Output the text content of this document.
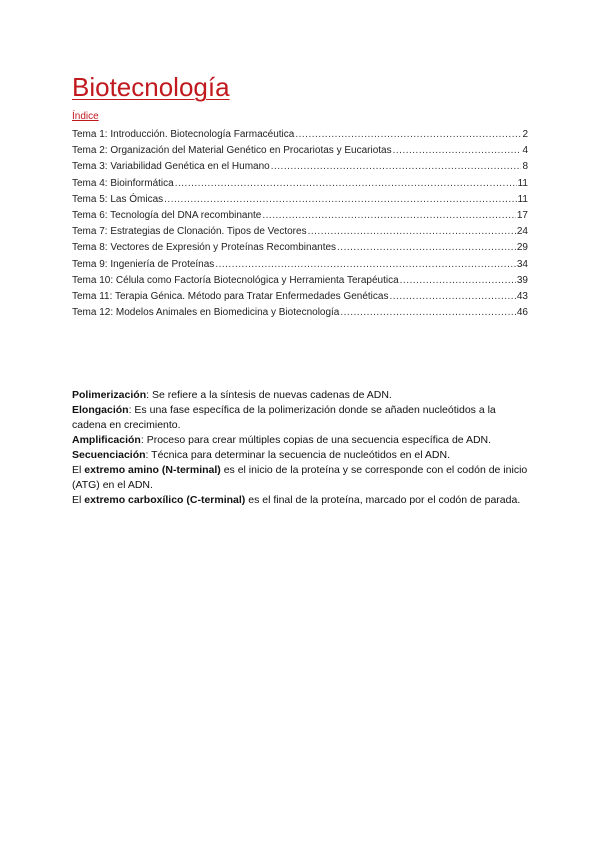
Biotecnología
Índice
Tema 1: Introducción. Biotecnología Farmacéutica .....	2
Tema 2: Organización del Material Genético en Procariotas y Eucariotas .....	4
Tema 3: Variabilidad Genética en el Humano .....	8
Tema 4: Bioinformática .....	11
Tema 5: Las Ómicas .....	11
Tema 6: Tecnología del DNA recombinante .....	17
Tema 7: Estrategias de Clonación. Tipos de Vectores .....	24
Tema 8: Vectores de Expresión y Proteínas Recombinantes .....	29
Tema 9: Ingeniería de Proteínas .....	34
Tema 10: Célula como Factoría Biotecnológica y Herramienta Terapéutica .....	39
Tema 11: Terapia Génica. Método para Tratar Enfermedades Genéticas .....	43
Tema 12: Modelos Animales en Biomedicina y Biotecnología .....	46

Polimerización: Se refiere a la síntesis de nuevas cadenas de ADN.

Elongación: Es una fase específica de la polimerización donde se añaden nucleótidos a la cadena en crecimiento.

Amplificación: Proceso para crear múltiples copias de una secuencia específica de ADN.

Secuenciación: Técnica para determinar la secuencia de nucleótidos en el ADN.

El extremo amino (N-terminal) es el inicio de la proteína y se corresponde con el codón de inicio (ATG) en el ADN.

El extremo carboxílico (C-terminal) es el final de la proteína, marcado por el codón de parada.
